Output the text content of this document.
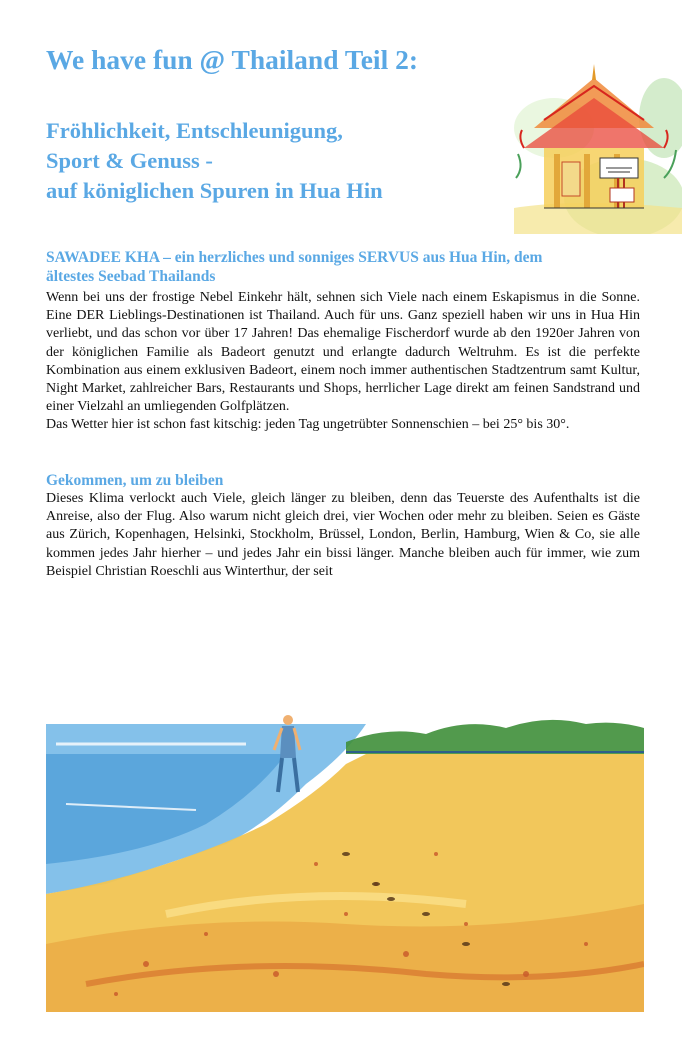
We have fun @ Thailand Teil 2:
Fröhlichkeit, Entschleunigung,
Sport & Genuss -
auf königlichen Spuren in Hua Hin
SAWADEE KHA – ein herzliches und sonniges SERVUS aus Hua Hin, dem
ältestes Seebad Thailands

Wenn bei uns der frostige Nebel Einkehr hält, sehnen sich Viele nach einem Eskapismus in die Sonne. Eine DER Lieblings-Destinationen ist Thailand. Auch für uns. Ganz speziell haben wir uns in Hua Hin verliebt, und das schon vor über 17 Jahren! Das ehemalige Fischerdorf wurde ab den 1920er Jahren von der königlichen Familie als Badeort genutzt und erlangte dadurch Weltruhm. Es ist die perfekte Kombination aus einem exklusiven Badeort, einem noch immer authentischen Stadtzentrum samt Kultur, Night Market, zahlreicher Bars, Restaurants und Shops, herrlicher Lage direkt am feinen Sandstrand und einer Vielzahl an umliegenden Golfplätzen.

Das Wetter hier ist schon fast kitschig: jeden Tag ungetrübter Sonnenschien – bei 25° bis 30°.

Gekommen, um zu bleiben

Dieses Klima verlockt auch Viele, gleich länger zu bleiben, denn das Teuerste des Aufenthalts ist die Anreise, also der Flug. Also warum nicht gleich drei, vier Wochen oder mehr zu bleiben. Seien es Gäste aus Zürich, Kopenhagen, Helsinki, Stockholm, Brüssel, London, Berlin, Hamburg, Wien & Co, sie alle kommen jedes Jahr hierher – und jedes Jahr ein bissi länger. Manche bleiben auch für immer, wie zum Beispiel Christian Roeschli aus Winterthur, der seit
